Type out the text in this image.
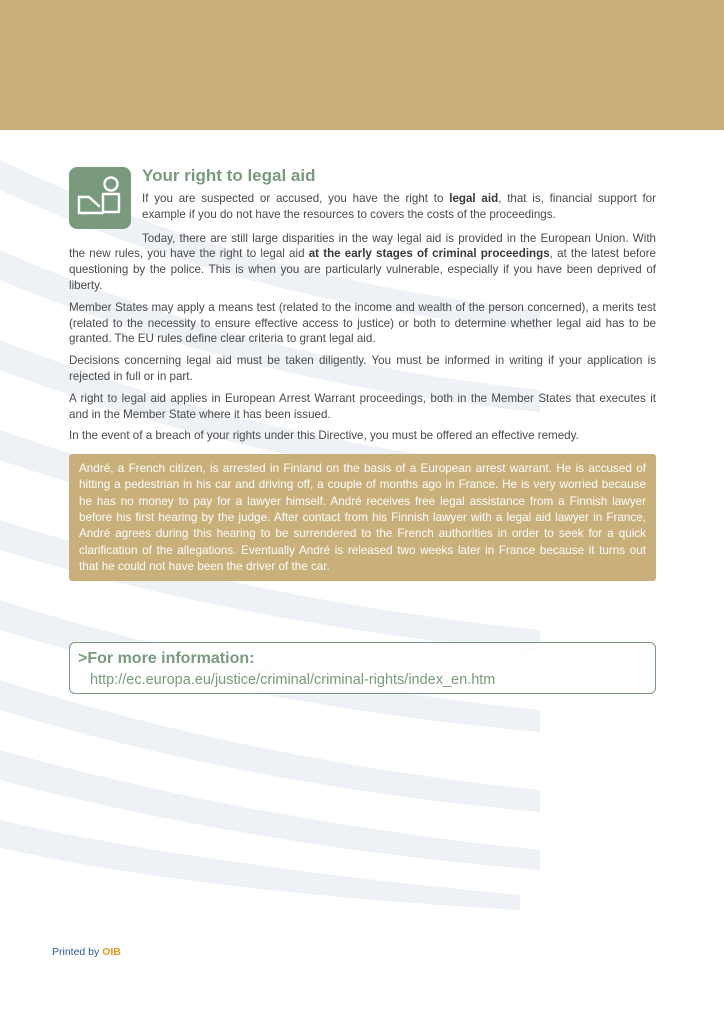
Your right to legal aid

If you are suspected or accused, you have the right to legal aid, that is, financial support for example if you do not have the resources to covers the costs of the proceedings.

Today, there are still large disparities in the way legal aid is provided in the European Union. With the new rules, you have the right to legal aid at the early stages of criminal proceedings, at the latest before questioning by the police. This is when you are particularly vulnerable, especially if you have been deprived of liberty.

Member States may apply a means test (related to the income and wealth of the person concerned), a merits test (related to the necessity to ensure effective access to justice) or both to determine whether legal aid has to be granted. The EU rules define clear criteria to grant legal aid.

Decisions concerning legal aid must be taken diligently. You must be informed in writing if your application is rejected in full or in part.

A right to legal aid applies in European Arrest Warrant proceedings, both in the Member States that executes it and in the Member State where it has been issued.

In the event of a breach of your rights under this Directive, you must be offered an effective remedy.

André, a French citizen, is arrested in Finland on the basis of a European arrest warrant. He is accused of hitting a pedestrian in his car and driving off, a couple of months ago in France. He is very worried because he has no money to pay for a lawyer himself. André receives free legal assistance from a Finnish lawyer before his first hearing by the judge. After contact from his Finnish lawyer with a legal aid lawyer in France, André agrees during this hearing to be surrendered to the French authorities in order to seek for a quick clarification of the allegations. Eventually André is released two weeks later in France because it turns out that he could not have been the driver of the car.
>For more information:
http://ec.europa.eu/justice/criminal/criminal-rights/index_en.htm
Printed by OIB
